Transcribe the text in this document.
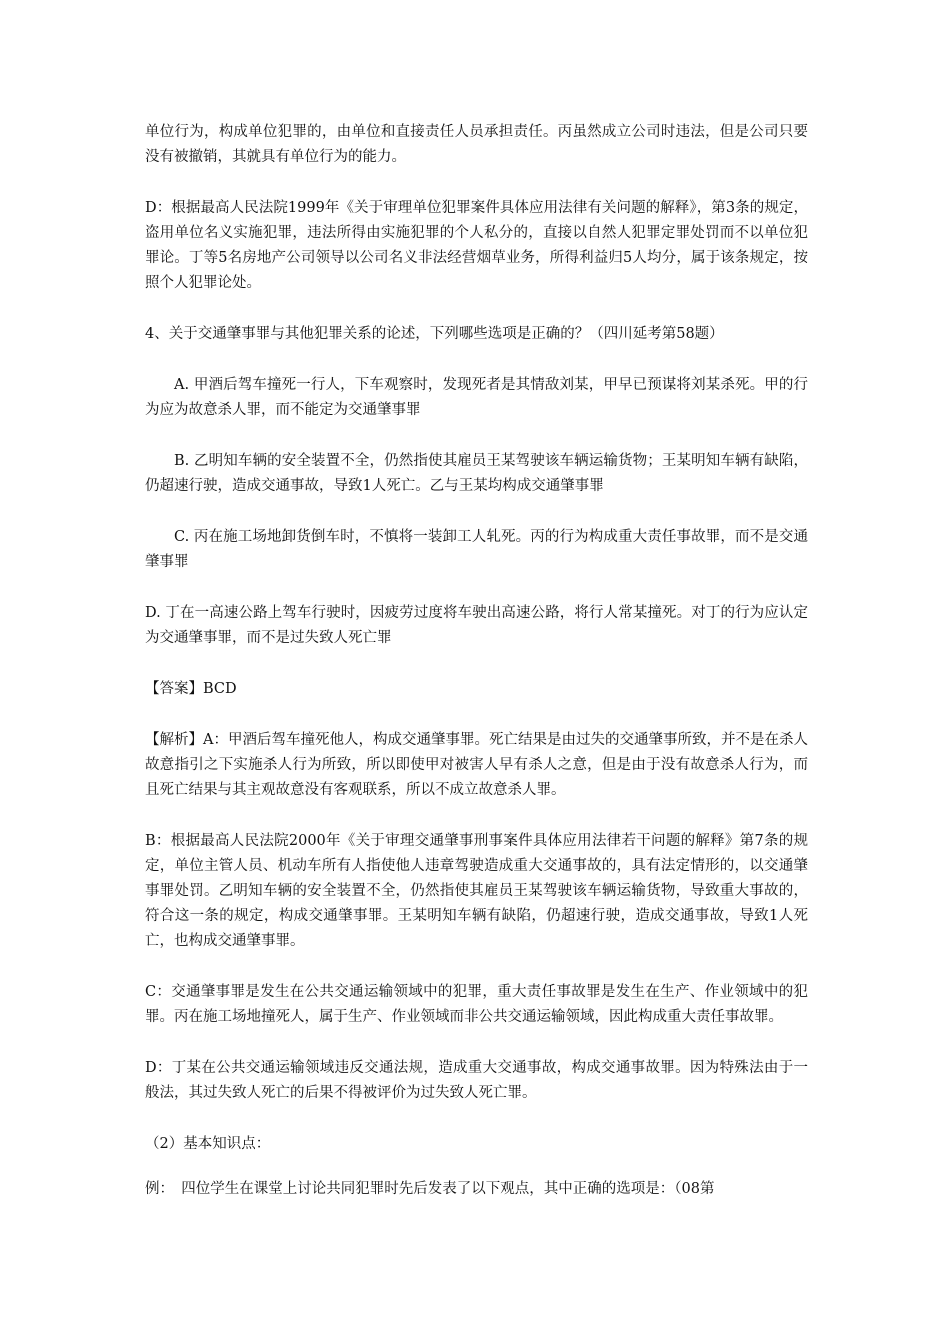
单位行为，构成单位犯罪的，由单位和直接责任人员承担责任。丙虽然成立公司时违法，但是公司只要没有被撤销，其就具有单位行为的能力。

D：根据最高人民法院1999年《关于审理单位犯罪案件具体应用法律有关问题的解释》，第3条的规定，盗用单位名义实施犯罪，违法所得由实施犯罪的个人私分的，直接以自然人犯罪定罪处罚而不以单位犯罪论。丁等5名房地产公司领导以公司名义非法经营烟草业务，所得利益归5人均分，属于该条规定，按照个人犯罪论处。

4、关于交通肇事罪与其他犯罪关系的论述，下列哪些选项是正确的？（四川延考第58题）

A. 甲酒后驾车撞死一行人，下车观察时，发现死者是其情敌刘某，甲早已预谋将刘某杀死。甲的行为应为故意杀人罪，而不能定为交通肇事罪

B. 乙明知车辆的安全装置不全，仍然指使其雇员王某驾驶该车辆运输货物；王某明知车辆有缺陷，仍超速行驶，造成交通事故，导致1人死亡。乙与王某均构成交通肇事罪

C. 丙在施工场地卸货倒车时，不慎将一装卸工人轧死。丙的行为构成重大责任事故罪，而不是交通肇事罪

D. 丁在一高速公路上驾车行驶时，因疲劳过度将车驶出高速公路，将行人常某撞死。对丁的行为应认定为交通肇事罪，而不是过失致人死亡罪

【答案】BCD

【解析】A：甲酒后驾车撞死他人，构成交通肇事罪。死亡结果是由过失的交通肇事所致，并不是在杀人故意指引之下实施杀人行为所致，所以即使甲对被害人早有杀人之意，但是由于没有故意杀人行为，而且死亡结果与其主观故意没有客观联系，所以不成立故意杀人罪。

B：根据最高人民法院2000年《关于审理交通肇事刑事案件具体应用法律若干问题的解释》第7条的规定，单位主管人员、机动车所有人指使他人违章驾驶造成重大交通事故的，具有法定情形的，以交通肇事罪处罚。乙明知车辆的安全装置不全，仍然指使其雇员王某驾驶该车辆运输货物，导致重大事故的，符合这一条的规定，构成交通肇事罪。王某明知车辆有缺陷，仍超速行驶，造成交通事故，导致1人死亡，也构成交通肇事罪。

C：交通肇事罪是发生在公共交通运输领域中的犯罪，重大责任事故罪是发生在生产、作业领域中的犯罪。丙在施工场地撞死人，属于生产、作业领域而非公共交通运输领域，因此构成重大责任事故罪。

D：丁某在公共交通运输领域违反交通法规，造成重大交通事故，构成交通事故罪。因为特殊法由于一般法，其过失致人死亡的后果不得被评价为过失致人死亡罪。

（2）基本知识点：

例：　四位学生在课堂上讨论共同犯罪时先后发表了以下观点，其中正确的选项是：（08第
